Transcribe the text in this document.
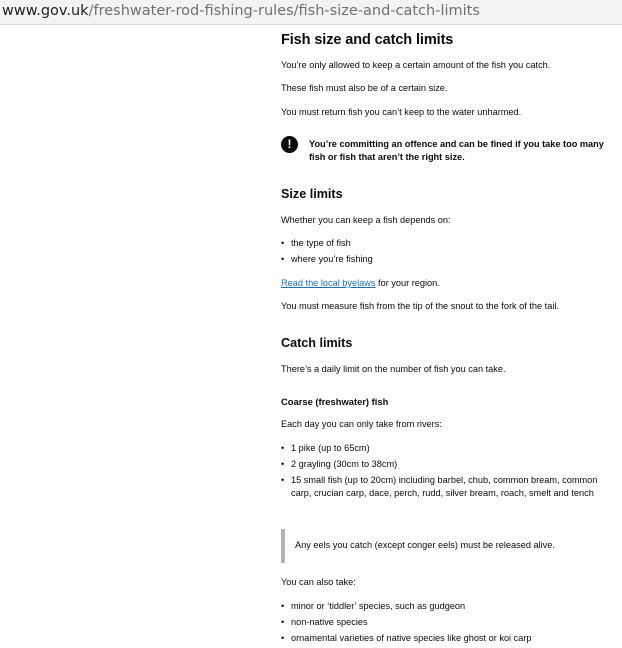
www.gov.uk/freshwater-rod-fishing-rules/fish-size-and-catch-limits
Fish size and catch limits

You’re only allowed to keep a certain amount of the fish you catch.

These fish must also be of a certain size.

You must return fish you can’t keep to the water unharmed.

!	You’re committing an offence and can be fined if you take too many fish or fish that aren’t the right size.
Size limits

Whether you can keep a fish depends on:

• the type of fish
• where you’re fishing

Read the local byelaws for your region.

You must measure fish from the tip of the snout to the fork of the tail.

Catch limits

There’s a daily limit on the number of fish you can take.

Coarse (freshwater) fish

Each day you can only take from rivers:

• 1 pike (up to 65cm)
• 2 grayling (30cm to 38cm)
• 15 small fish (up to 20cm) including barbel, chub, common bream, common carp, crucian carp, dace, perch, rudd, silver bream, roach, smelt and tench

Any eels you catch (except conger eels) must be released alive.

You can also take:

• minor or ‘tiddler’ species, such as gudgeon
• non-native species
• ornamental varieties of native species like ghost or koi carp
